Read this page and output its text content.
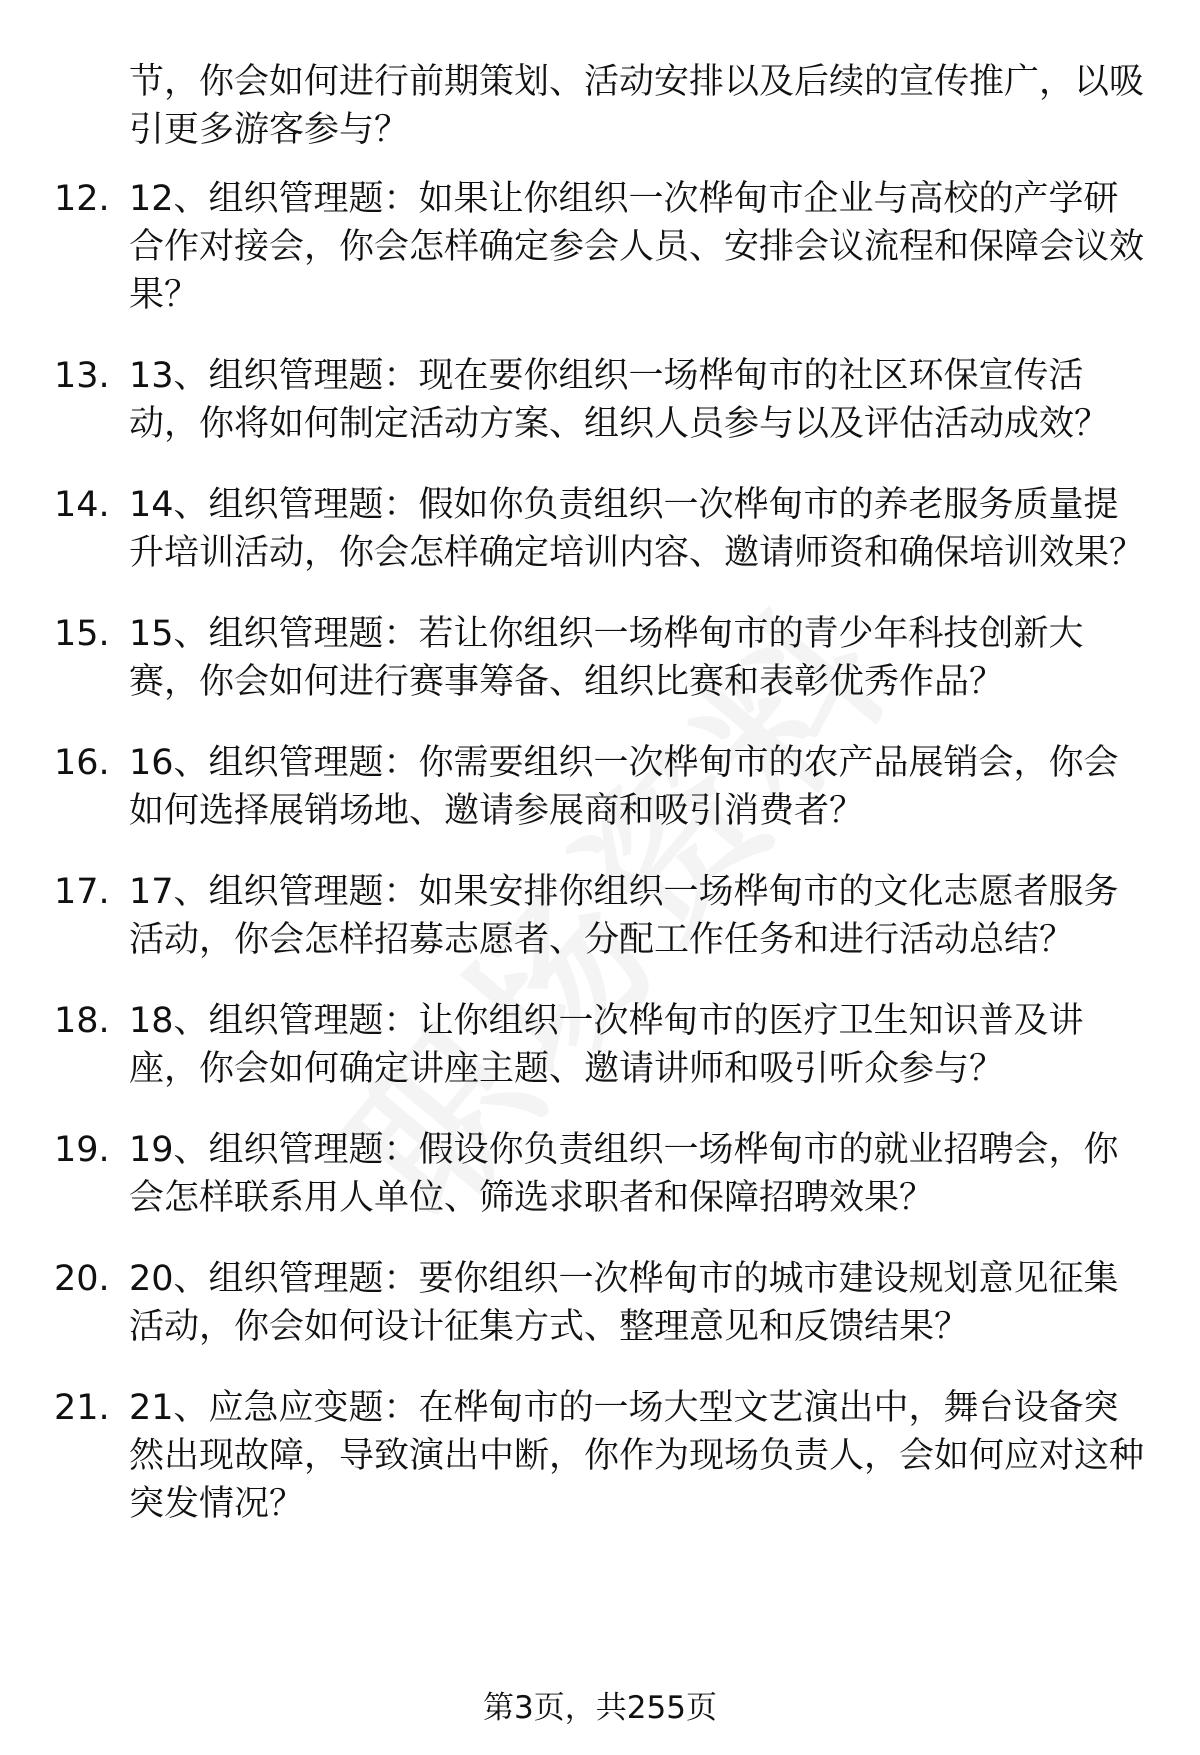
节，你会如何进行前期策划、活动安排以及后续的宣传推广，以吸引更多游客参与？
12. 12、组织管理题：如果让你组织一次桦甸市企业与高校的产学研合作对接会，你会怎样确定参会人员、安排会议流程和保障会议效果？
13. 13、组织管理题：现在要你组织一场桦甸市的社区环保宣传活动，你将如何制定活动方案、组织人员参与以及评估活动成效？
14. 14、组织管理题：假如你负责组织一次桦甸市的养老服务质量提升培训活动，你会怎样确定培训内容、邀请师资和确保培训效果？
15. 15、组织管理题：若让你组织一场桦甸市的青少年科技创新大赛，你会如何进行赛事筹备、组织比赛和表彰优秀作品？
16. 16、组织管理题：你需要组织一次桦甸市的农产品展销会，你会如何选择展销场地、邀请参展商和吸引消费者？
17. 17、组织管理题：如果安排你组织一场桦甸市的文化志愿者服务活动，你会怎样招募志愿者、分配工作任务和进行活动总结？
18. 18、组织管理题：让你组织一次桦甸市的医疗卫生知识普及讲座，你会如何确定讲座主题、邀请讲师和吸引听众参与？
19. 19、组织管理题：假设你负责组织一场桦甸市的就业招聘会，你会怎样联系用人单位、筛选求职者和保障招聘效果？
20. 20、组织管理题：要你组织一次桦甸市的城市建设规划意见征集活动，你会如何设计征集方式、整理意见和反馈结果？
21. 21、应急应变题：在桦甸市的一场大型文艺演出中，舞台设备突然出现故障，导致演出中断，你作为现场负责人，会如何应对这种突发情况？
第3页，共255页
